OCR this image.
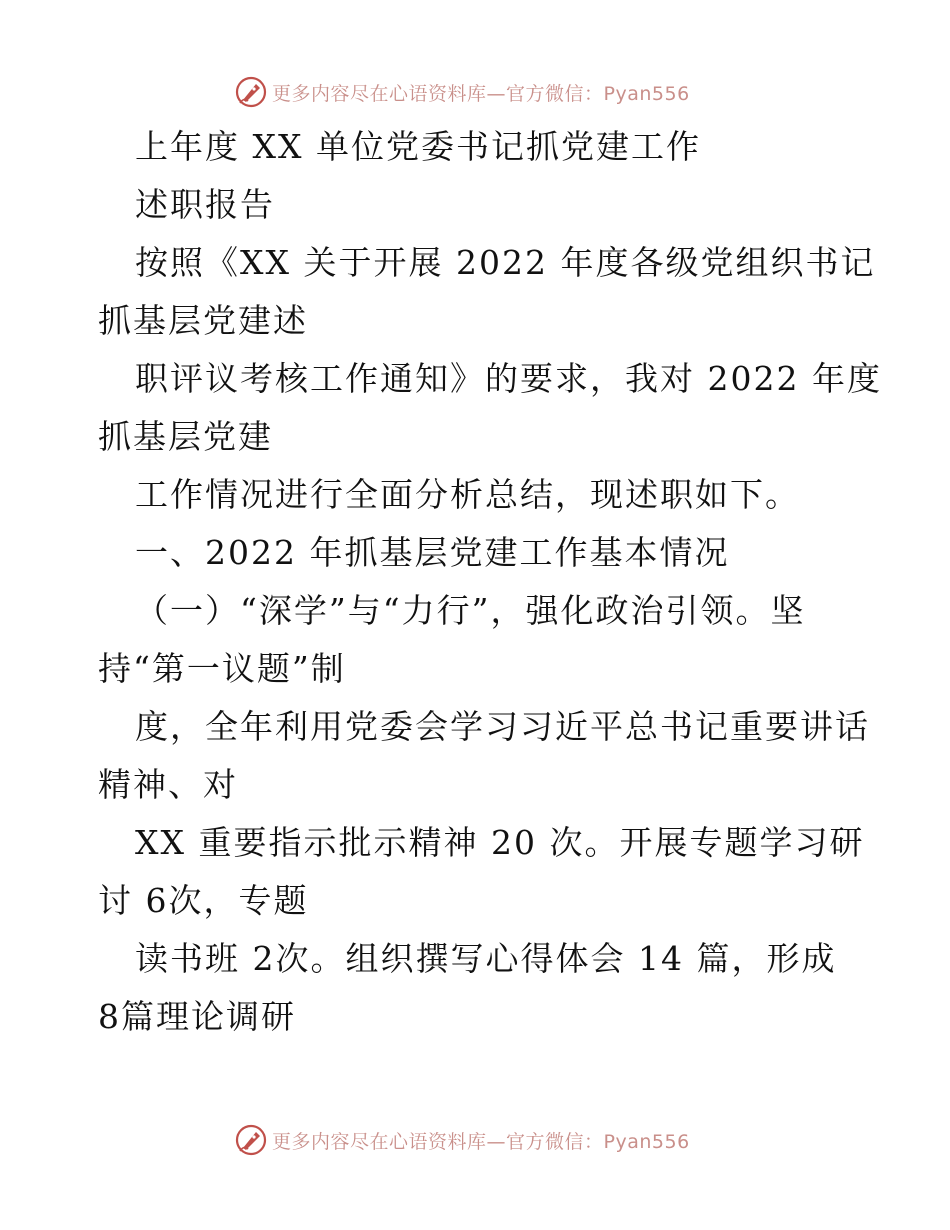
更多内容尽在心语资料库—官方微信：Pyan556
上年度 XX 单位党委书记抓党建工作
述职报告
按照《XX 关于开展 2022 年度各级党组织书记
抓基层党建述
职评议考核工作通知》的要求，我对 2022 年度
抓基层党建
工作情况进行全面分析总结，现述职如下。
一、2022 年抓基层党建工作基本情况
（一）“深学”与“力行”，强化政治引领。坚
持“第一议题”制
度，全年利用党委会学习习近平总书记重要讲话
精神、对
XX 重要指示批示精神 20 次。开展专题学习研
讨 6次，专题
读书班 2次。组织撰写心得体会 14 篇，形成
8篇理论调研
更多内容尽在心语资料库—官方微信：Pyan556
